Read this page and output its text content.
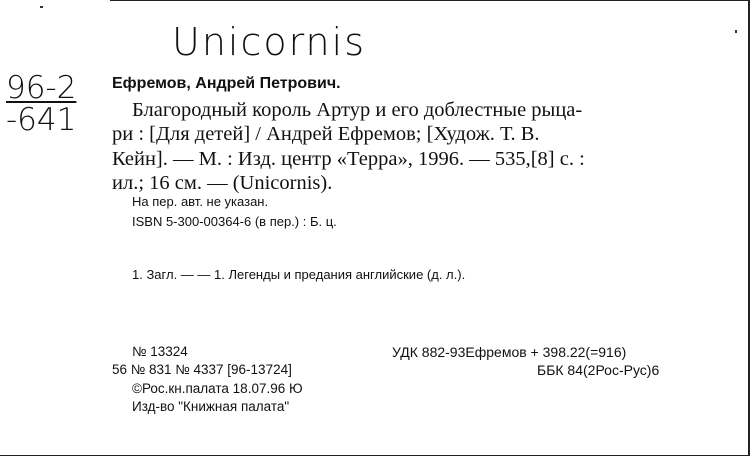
Unicornis
96-2
-641
Ефремов, Андрей Петрович.
Благородный король Артур и его доблестные рыца-
ри : [Для детей] / Андрей Ефремов; [Худож. Т. В.
Кейн]. — М. : Изд. центр «Терра», 1996. — 535,[8] с. :
ил.; 16 см. — (Unicornis).
На пер. авт. не указан.
ISBN 5-300-00364-6 (в пер.) : Б. ц.
1. Загл. — — 1. Легенды и предания английские (д. л.).
№ 13324
56 № 831 № 4337 [96-13724]
©Рос.кн.палата 18.07.96 Ю
Изд-во "Книжная палата"
УДК 882-93Ефремов + 398.22(=916)
ББК 84(2Рос-Рус)6
